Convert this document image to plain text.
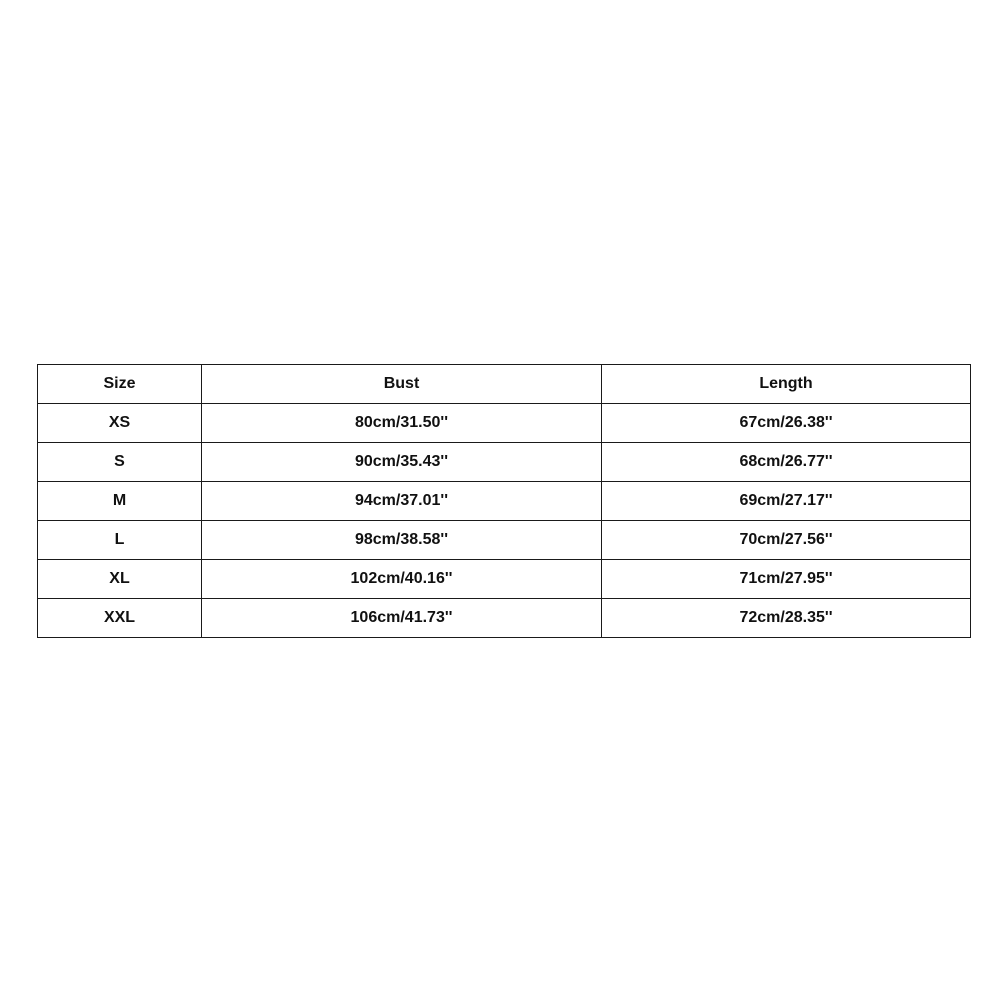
Size	Bust	Length
XS	80cm/31.50''	67cm/26.38''
S	90cm/35.43''	68cm/26.77''
M	94cm/37.01''	69cm/27.17''
L	98cm/38.58''	70cm/27.56''
XL	102cm/40.16''	71cm/27.95''
XXL	106cm/41.73''	72cm/28.35''
